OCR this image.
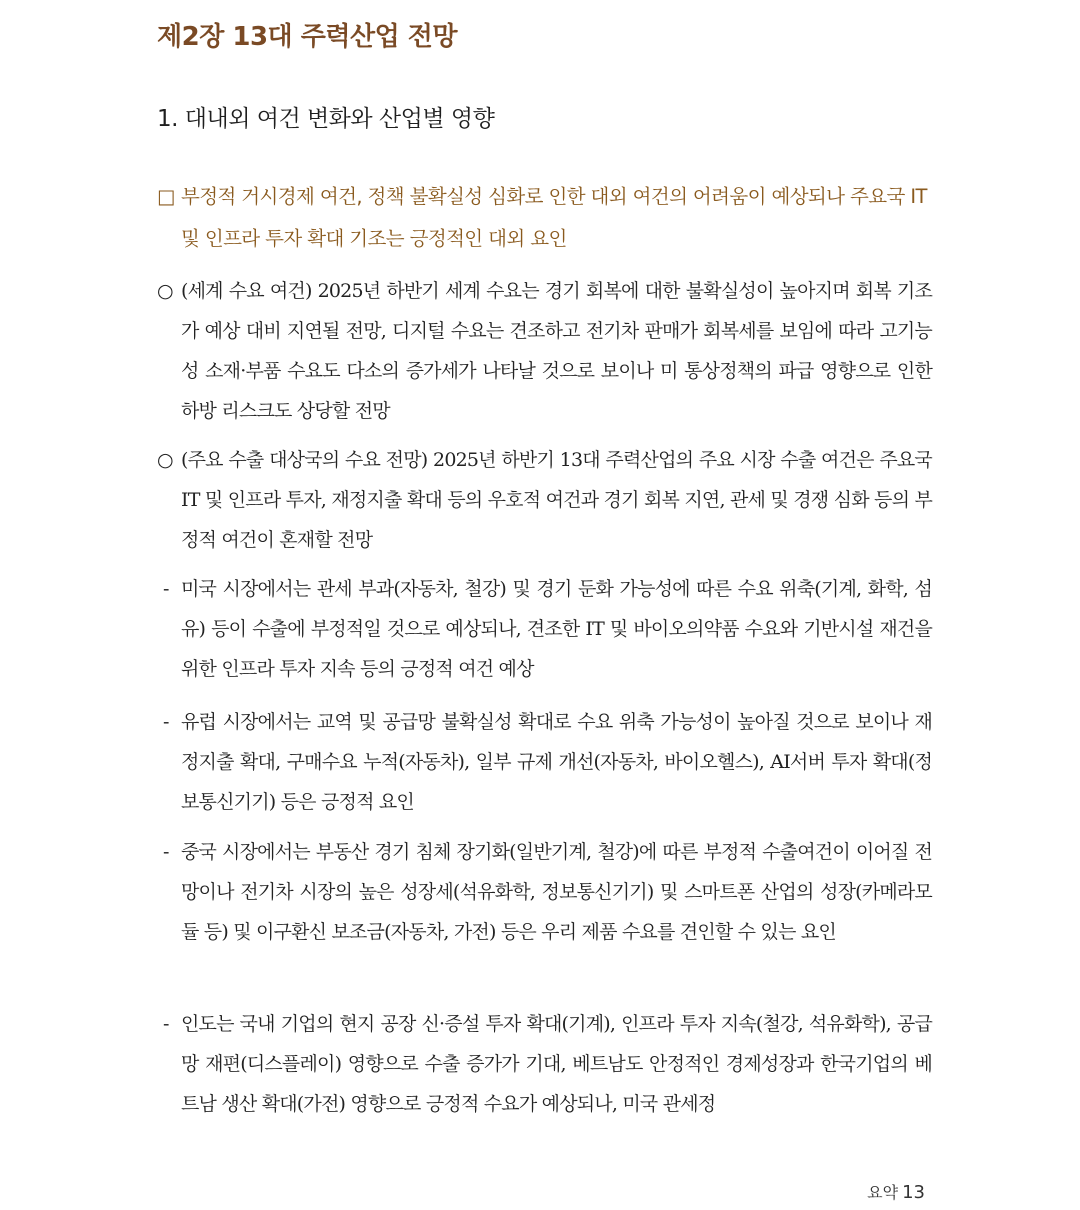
제2장 13대 주력산업 전망
1. 대내외 여건 변화와 산업별 영향
□ 부정적 거시경제 여건, 정책 불확실성 심화로 인한 대외 여건의 어려움이 예상되나 주요국 IT 및 인프라 투자 확대 기조는 긍정적인 대외 요인
○ (세계 수요 여건) 2025년 하반기 세계 수요는 경기 회복에 대한 불확실성이 높아지며 회복 기조가 예상 대비 지연될 전망, 디지털 수요는 견조하고 전기차 판매가 회복세를 보임에 따라 고기능성 소재·부품 수요도 다소의 증가세가 나타날 것으로 보이나 미 통상정책의 파급 영향으로 인한 하방 리스크도 상당할 전망
○ (주요 수출 대상국의 수요 전망) 2025년 하반기 13대 주력산업의 주요 시장 수출 여건은 주요국 IT 및 인프라 투자, 재정지출 확대 등의 우호적 여건과 경기 회복 지연, 관세 및 경쟁 심화 등의 부정적 여건이 혼재할 전망
- 미국 시장에서는 관세 부과(자동차, 철강) 및 경기 둔화 가능성에 따른 수요 위축(기계, 화학, 섬유) 등이 수출에 부정적일 것으로 예상되나, 견조한 IT 및 바이오의약품 수요와 기반시설 재건을 위한 인프라 투자 지속 등의 긍정적 여건 예상
- 유럽 시장에서는 교역 및 공급망 불확실성 확대로 수요 위축 가능성이 높아질 것으로 보이나 재정지출 확대, 구매수요 누적(자동차), 일부 규제 개선(자동차, 바이오헬스), AI서버 투자 확대(정보통신기기) 등은 긍정적 요인
- 중국 시장에서는 부동산 경기 침체 장기화(일반기계, 철강)에 따른 부정적 수출여건이 이어질 전망이나 전기차 시장의 높은 성장세(석유화학, 정보통신기기) 및 스마트폰 산업의 성장(카메라모듈 등) 및 이구환신 보조금(자동차, 가전) 등은 우리 제품 수요를 견인할 수 있는 요인
- 인도는 국내 기업의 현지 공장 신·증설 투자 확대(기계), 인프라 투자 지속(철강, 석유화학), 공급망 재편(디스플레이) 영향으로 수출 증가가 기대, 베트남도 안정적인 경제성장과 한국기업의 베트남 생산 확대(가전) 영향으로 긍정적 수요가 예상되나, 미국 관세정
요약 13
